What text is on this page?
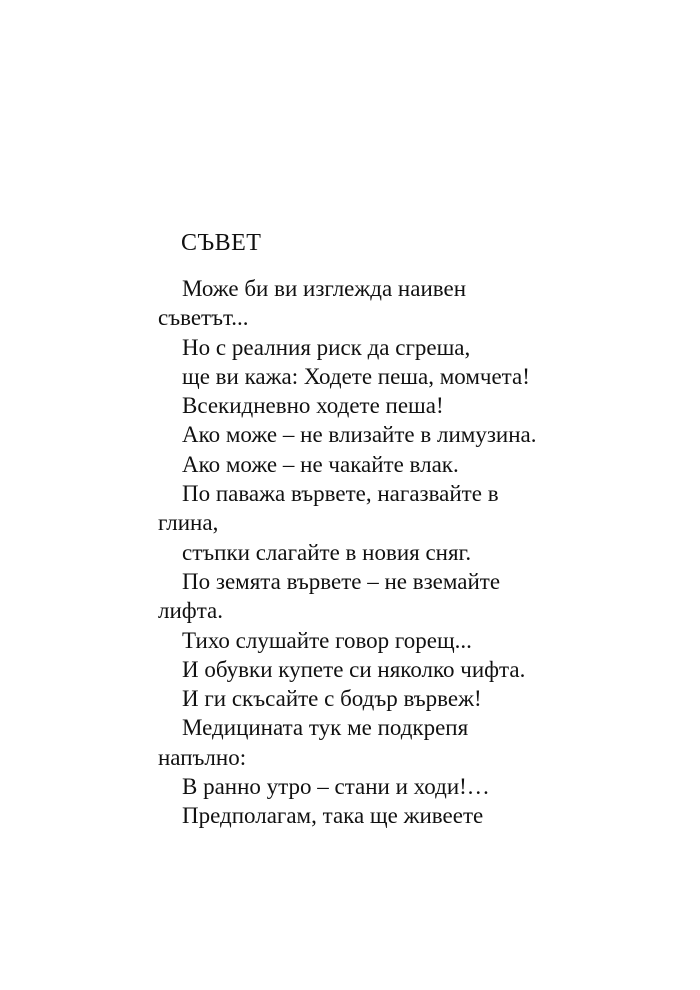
СЪВЕТ
Може би ви изглежда наивен
съветът...
Но с реалния риск да сгреша,
ще ви кажа: Ходете пеша, момчета!
Всекидневно ходете пеша!
Ако може – не влизайте в лимузина.
Ако може – не чакайте влак.
По паважа вървете, нагазвайте в
глина,
стъпки слагайте в новия сняг.
По земята вървете – не вземайте
лифта.
Тихо слушайте говор горещ...
И обувки купете си няколко чифта.
И ги скъсайте с бодър вървеж!
Медицината тук ме подкрепя
напълно:
В ранно утро – стани и ходи!…
Предполагам, така ще живеете
